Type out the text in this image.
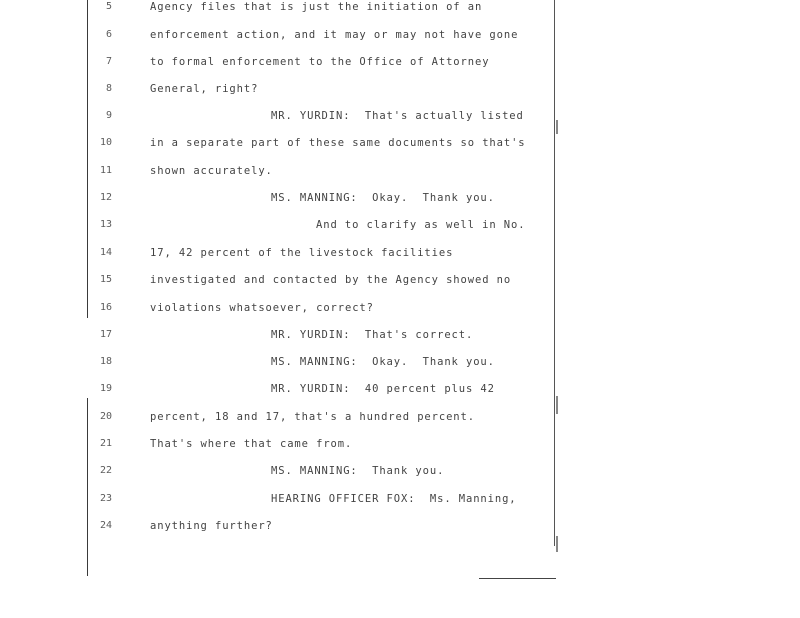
5	Agency files that is just the initiation of an
6	enforcement action, and it may or may not have gone
7	to formal enforcement to the Office of Attorney
8	General, right?
9	MR. YURDIN:  That's actually listed
10	in a separate part of these same documents so that's
11	shown accurately.
12	MS. MANNING:  Okay.  Thank you.
13	And to clarify as well in No.
14	17, 42 percent of the livestock facilities
15	investigated and contacted by the Agency showed no
16	violations whatsoever, correct?
17	MR. YURDIN:  That's correct.
18	MS. MANNING:  Okay.  Thank you.
19	MR. YURDIN:  40 percent plus 42
20	percent, 18 and 17, that's a hundred percent.
21	That's where that came from.
22	MS. MANNING:  Thank you.
23	HEARING OFFICER FOX:  Ms. Manning,
24	anything further?
